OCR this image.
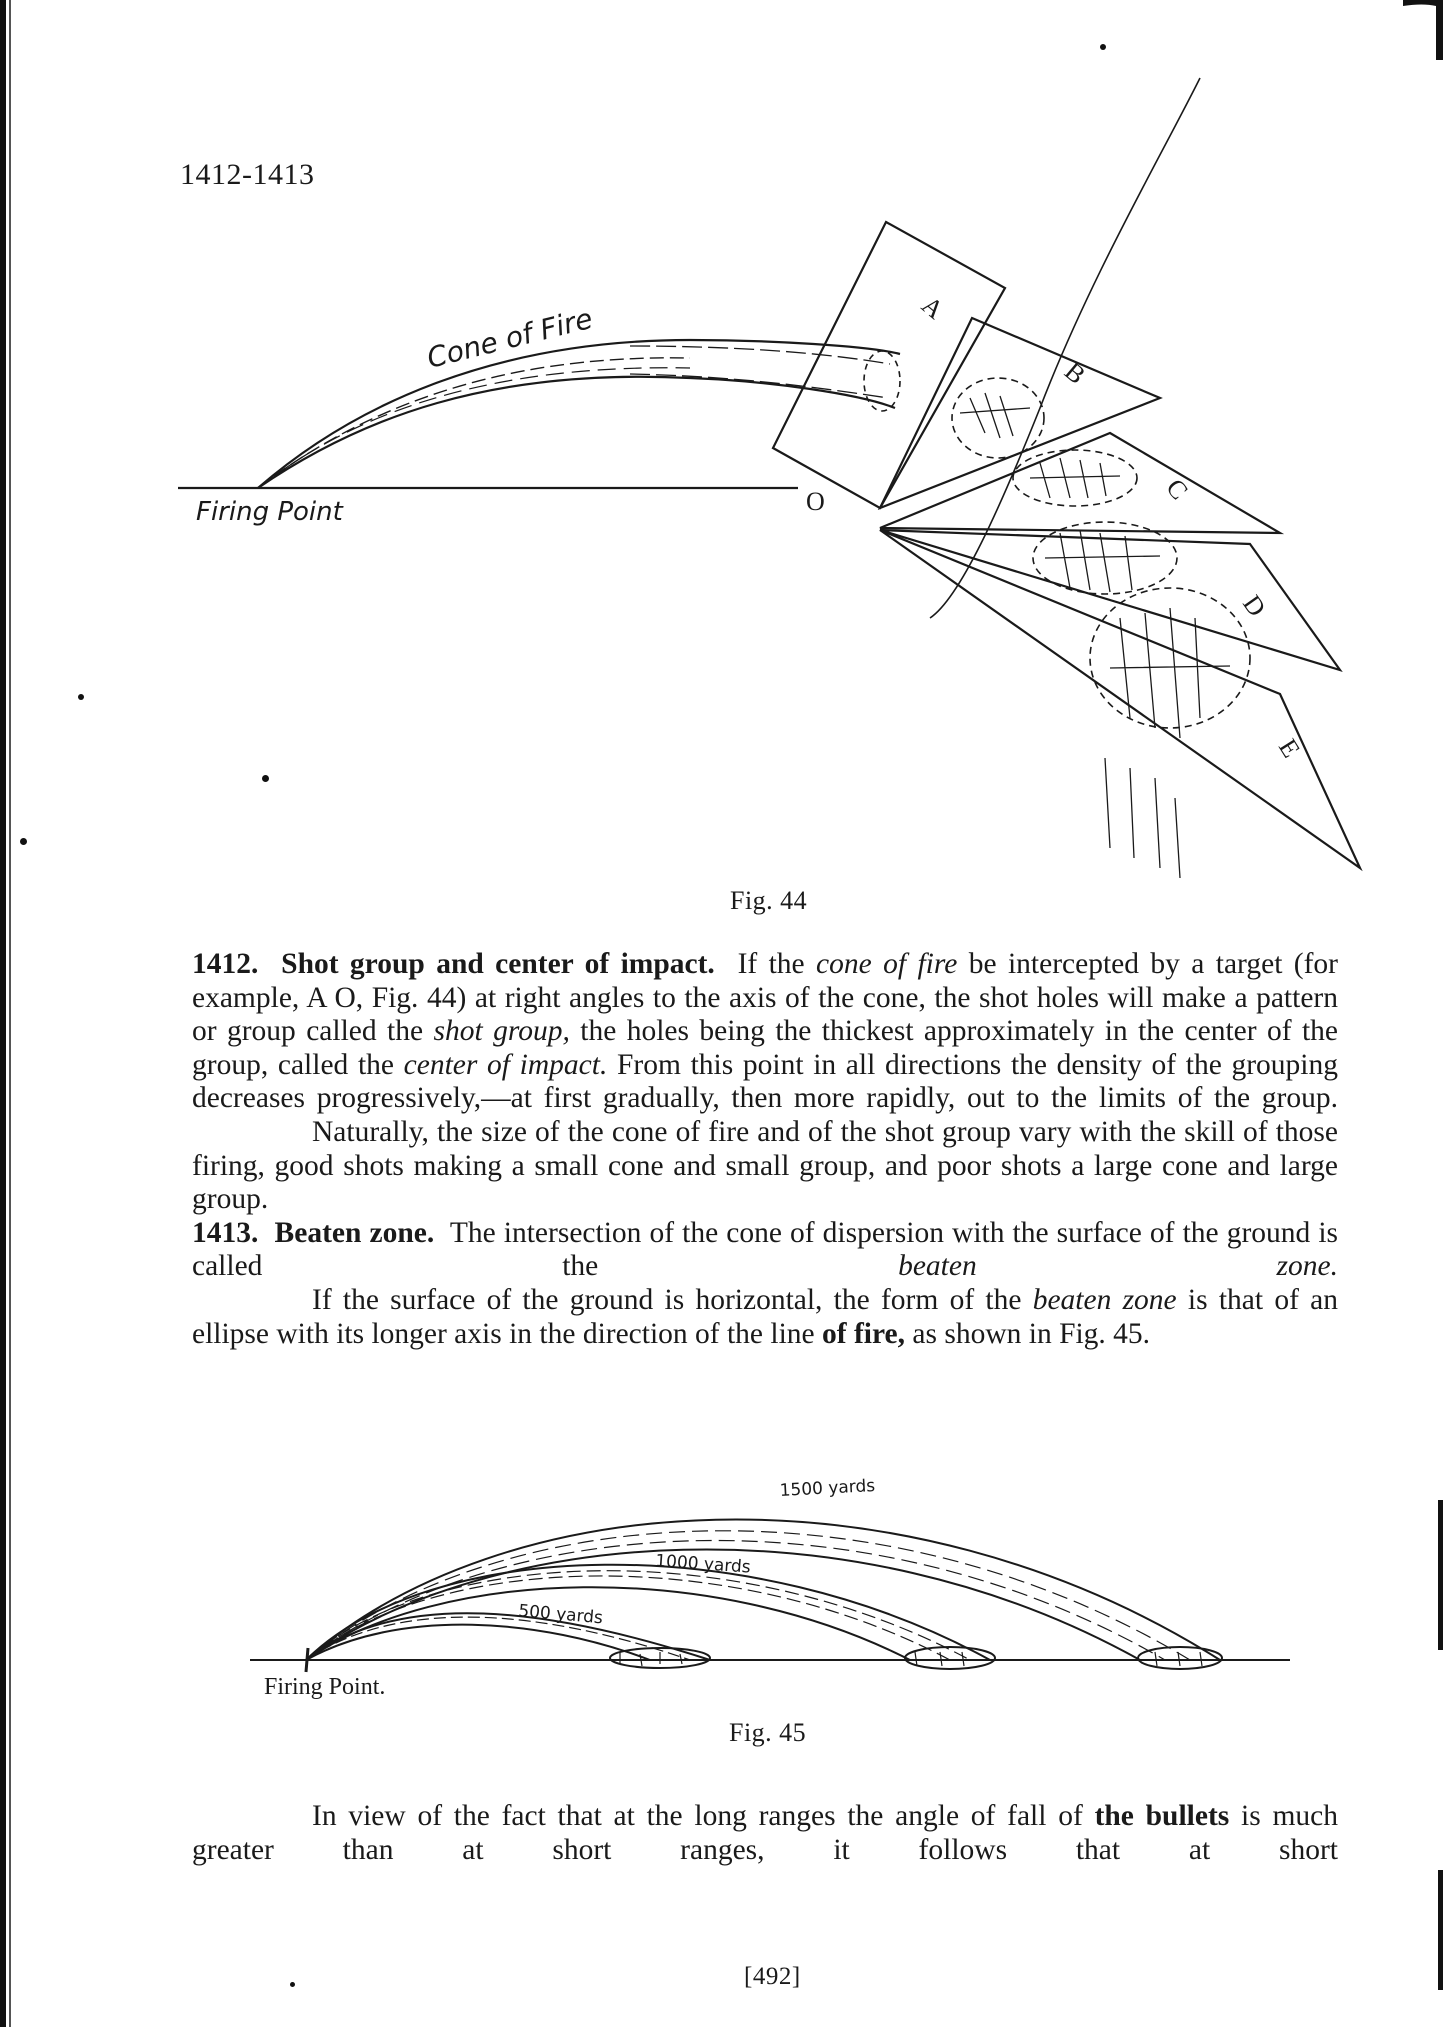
1412-1413
Cone of Fire
Firing Point	O
A
B
C
D
E
Fig. 44

1412. Shot group and center of impact. If the cone of fire be intercepted by a target (for example, A O, Fig. 44) at right angles to the axis of the cone, the shot holes will make a pattern or group called the shot group, the holes being the thickest approximately in the center of the group, called the center of impact. From this point in all directions the density of the grouping decreases progressively,—at first gradually, then more rapidly, out to the limits of the group.

Naturally, the size of the cone of fire and of the shot group vary with the skill of those firing, good shots making a small cone and small group, and poor shots a large cone and large group.

1413. Beaten zone. The intersection of the cone of dispersion with the surface of the ground is called the	beaten zone.

If the surface of the ground is horizontal, the form of the beaten zone is that of an ellipse with its longer axis in the direction of the line of fire, as shown in Fig. 45.

1500 yards
1000 yards
500 yards
Firing Point.
Fig. 45

In view of the fact that at the long ranges the angle of fall of the bullets is much greater than at short ranges, it follows that at short

[492]
